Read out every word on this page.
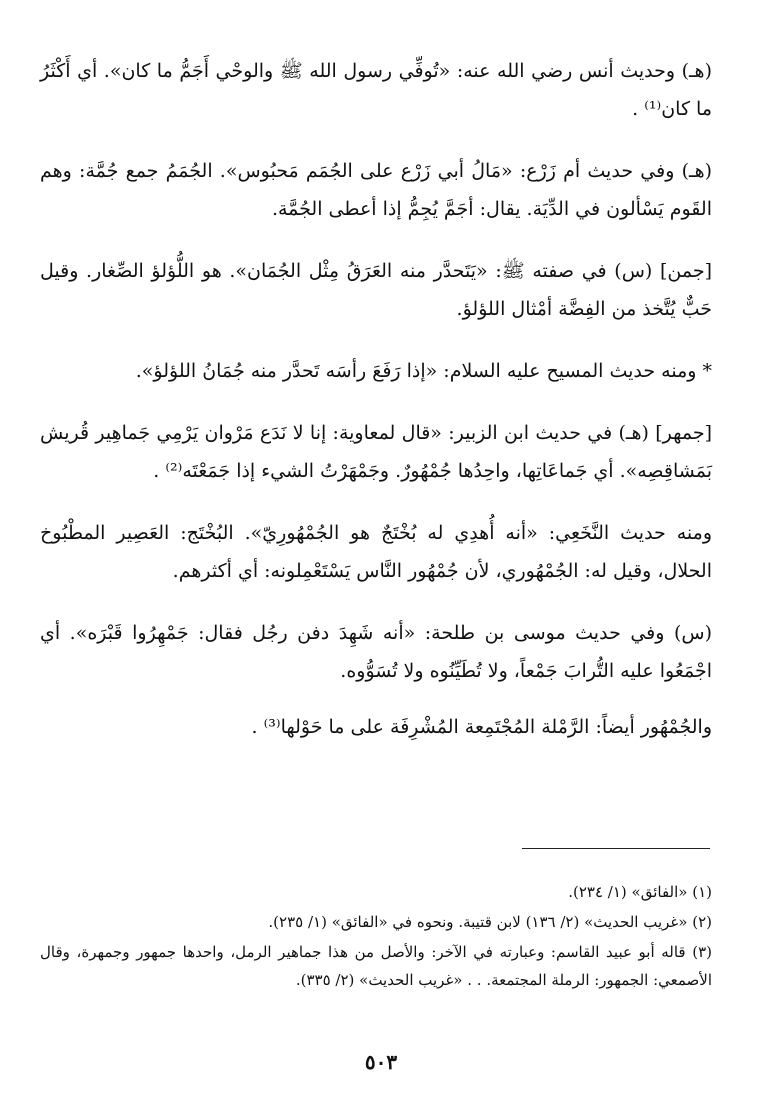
(هـ) وحديث أنس رضي الله عنه: «تُوفِّي رسول الله ﷺ والوحْي أَجَمُّ ما كان». أي أَكْثَرُ ما كان⁽¹⁾ .

(هـ) وفي حديث أم زَرْع: «مَالُ أبي زَرْع على الجُمَم مَحبُوس». الجُمَمُ جمع جُمَّة: وهم القَوم يَسْألون في الدِّيَة. يقال: أجَمَّ يُجِمُّ إذا أعطى الجُمَّة.

[جمن] (س) في صفته ﷺ: «يَتَحدَّر منه العَرَقُ مِثْل الجُمَان». هو اللُّؤلؤ الصِّغار. وقيل حَبٌّ يُتَّخذ من الفِضَّة أمْثال اللؤلؤ.

* ومنه حديث المسيح عليه السلام: «إذا رَفَعَ رأسَه تَحدَّر منه جُمَانُ اللؤلؤ».

[جمهر] (هـ) في حديث ابن الزبير: «قال لمعاوية: إنا لا نَدَع مَرْوان يَرْمِي جَماهِير قُريش بَمَشاقِصِه». أي جَماعَاتِها، واحِدُها جُمْهُورٌ. وجَمْهَرْتُ الشيء إذا جَمَعْتَه⁽²⁾ .

ومنه حديث النَّخَعِي: «أنه أُهدِي له بُخْتَجٌ هو الجُمْهُورِيّ». البُخْتَج: العَصِير المطْبُوخ الحلال، وقيل له: الجُمْهُوري، لأن جُمْهُور النَّاس يَسْتَعْمِلونه: أي أكثرهم.

(س) وفي حديث موسى بن طلحة: «أنه شَهِدَ دفن رجُل فقال: جَمْهِرُوا قَبْرَه». أي اجْمَعُوا عليه التُّرابَ جَمْعاً، ولا تُطَيِّنُوه ولا تُسَوُّوه.

والجُمْهُور أيضاً: الرَّمْلة المُجْتَمِعة المُشْرِفَة على ما حَوْلها⁽³⁾ .

(١) «الفائق» (١/ ٢٣٤).

(٢) «غريب الحديث» (٢/ ١٣٦) لابن قتيبة. ونحوه في «الفائق» (١/ ٢٣٥).

(٣) قاله أبو عبيد القاسم: وعبارته في الآخر: والأصل من هذا جماهير الرمل، واحدها جمهور وجمهرة، وقال الأصمعي: الجمهور: الرملة المجتمعة. . . «غريب الحديث» (٢/ ٣٣٥).

٥٠٣
